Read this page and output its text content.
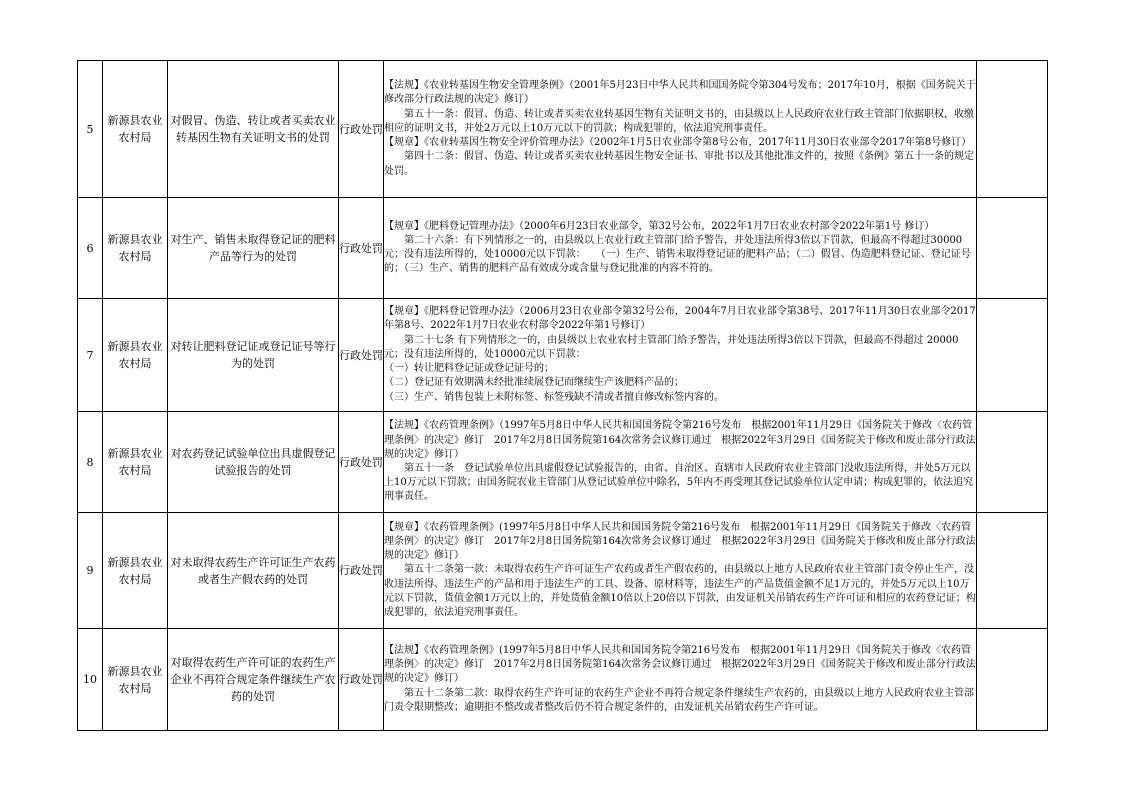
5	新源县农业农村局	对假冒、伪造、转让或者买卖农业转基因生物有关证明文书的处罚	行政处罚	【法规】《农业转基因生物安全管理条例》（2001年5月23日中华人民共和国国务院令第304号发布；2017年10月，根据《国务院关于修改部分行政法规的决定》修订）
第五十一条：假冒、伪造、转让或者买卖农业转基因生物有关证明文书的，由县级以上人民政府农业行政主管部门依据职权，收缴相应的证明文书，并处2万元以上10万元以下的罚款；构成犯罪的，依法追究刑事责任。
【规章】《农业转基因生物安全评价管理办法》（2002年1月5日农业部令第8号公布，2017年11月30日农业部令2017年第8号修订）
第四十二条：假冒、伪造、转让或者买卖农业转基因生物安全证书、审批书以及其他批准文件的，按照《条例》第五十一条的规定处罚。	

6	新源县农业农村局	对生产、销售未取得登记证的肥料产品等行为的处罚	行政处罚	【规章】《肥料登记管理办法》（2000年6月23日农业部令，第32号公布，2022年1月7日农业农村部令2022年第1号 修订）
第二十六条：有下列情形之一的，由县级以上农业行政主管部门给予警告，并处违法所得3倍以下罚款，但最高不得超过30000元；没有违法所得的，处10000元以下罚款：　　（一）生产、销售未取得登记证的肥料产品；（二）假冒、伪造肥料登记证、登记证号的；（三）生产、销售的肥料产品有效成分或含量与登记批准的内容不符的。	

7	新源县农业农村局	对转让肥料登记证或登记证号等行为的处罚	行政处罚	【规章】《肥料登记管理办法》（2006月23日农业部令第32号公布，2004年7月日农业部令第38号、2017年11月30日农业部令2017年第8号、2022年1月7日农业农村部令2022年第1号修订）
第二十七条 有下列情形之一的，由县级以上农业农村主管部门给予警告，并处违法所得3倍以下罚款，但最高不得超过 20000元；没有违法所得的，处10000元以下罚款：
（一）转让肥料登记证或登记证号的；
（二）登记证有效期满未经批准续展登记而继续生产该肥料产品的；
（三）生产、销售包装上未附标签、标签残缺不清或者擅自修改标签内容的。	

8	新源县农业农村局	对农药登记试验单位出具虚假登记试验报告的处罚	行政处罚	【法规】《农药管理条例》（1997年5月8日中华人民共和国国务院令第216号发布　根据2001年11月29日《国务院关于修改〈农药管理条例〉的决定》修订　2017年2月8日国务院第164次常务会议修订通过　根据2022年3月29日《国务院关于修改和废止部分行政法规的决定》修订）
第五十一条　登记试验单位出具虚假登记试验报告的，由省、自治区、直辖市人民政府农业主管部门没收违法所得，并处5万元以上10万元以下罚款；由国务院农业主管部门从登记试验单位中除名，5年内不再受理其登记试验单位认定申请；构成犯罪的，依法追究刑事责任。	

9	新源县农业农村局	对未取得农药生产许可证生产农药或者生产假农药的处罚	行政处罚	【规章】《农药管理条例》(1997年5月8日中华人民共和国国务院令第216号发布　根据2001年11月29日《国务院关于修改〈农药管理条例〉的决定》修订　2017年2月8日国务院第164次常务会议修订通过　根据2022年3月29日《国务院关于修改和废止部分行政法规的决定》修订）
第五十二条第一款：未取得农药生产许可证生产农药或者生产假农药的，由县级以上地方人民政府农业主管部门责令停止生产，没收违法所得、违法生产的产品和用于违法生产的工具、设备、原材料等，违法生产的产品货值金额不足1万元的，并处5万元以上10万元以下罚款，货值金额1万元以上的，并处货值金额10倍以上20倍以下罚款，由发证机关吊销农药生产许可证和相应的农药登记证；构成犯罪的，依法追究刑事责任。	

10	新源县农业农村局	对取得农药生产许可证的农药生产企业不再符合规定条件继续生产农药的处罚	行政处罚	【法规】《农药管理条例》(1997年5月8日中华人民共和国国务院令第216号发布　根据2001年11月29日《国务院关于修改〈农药管理条例〉的决定》修订　2017年2月8日国务院第164次常务会议修订通过　根据2022年3月29日《国务院关于修改和废止部分行政法规的决定》修订）
第五十二条第二款：取得农药生产许可证的农药生产企业不再符合规定条件继续生产农药的，由县级以上地方人民政府农业主管部门责令限期整改；逾期拒不整改或者整改后仍不符合规定条件的，由发证机关吊销农药生产许可证。	
